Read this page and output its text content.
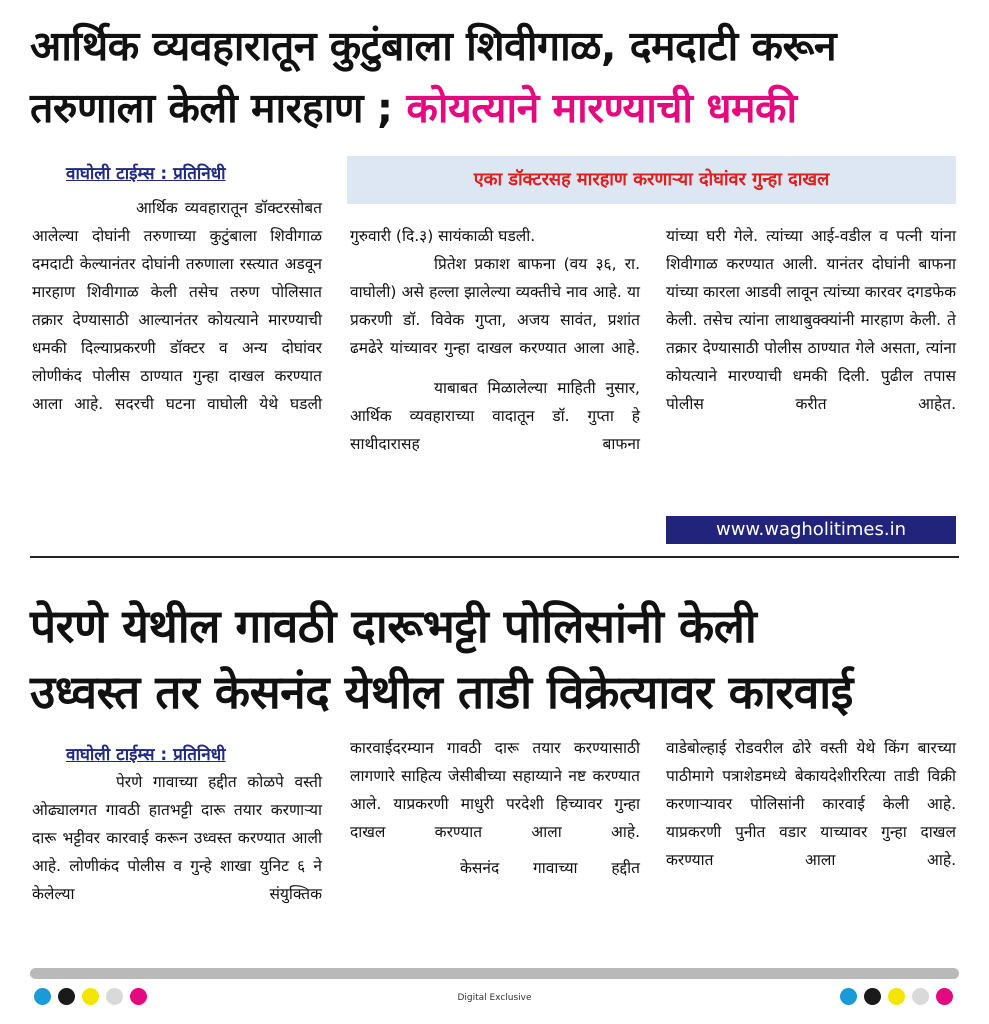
आर्थिक व्यवहारातून कुटुंबाला शिवीगाळ, दमदाटी करून
तरुणाला केली मारहाण ; कोयत्याने मारण्याची धमकी
वाघोली टाईम्स : प्रतिनिधी	एका डॉक्टरसह मारहाण करणाऱ्या दोघांवर गुन्हा दाखल

आर्थिक व्यवहारातून डॉक्टरसोबत आलेल्या दोघांनी तरुणाच्या कुटुंबाला शिवीगाळ दमदाटी केल्यानंतर दोघांनी तरुणाला रस्त्यात अडवून मारहाण शिवीगाळ केली तसेच तरुण पोलिसात तक्रार देण्यासाठी आल्यानंतर कोयत्याने मारण्याची धमकी दिल्याप्रकरणी डॉक्टर व अन्य दोघांवर लोणीकंद पोलीस ठाण्यात गुन्हा दाखल करण्यात आला आहे. सदरची घटना वाघोली येथे घडली

गुरुवारी (दि.३) सायंकाळी घडली.

प्रितेश प्रकाश बाफना (वय ३६, रा. वाघोली) असे हल्ला झालेल्या व्यक्तीचे नाव आहे. या प्रकरणी डॉ. विवेक गुप्ता, अजय सावंत, प्रशांत ढमढेरे यांच्यावर गुन्हा दाखल करण्यात आला आहे.

याबाबत मिळालेल्या माहिती नुसार, आर्थिक व्यवहाराच्या वादातून डॉ. गुप्ता हे साथीदारासह बाफना

यांच्या घरी गेले. त्यांच्या आई-वडील व पत्नी यांना शिवीगाळ करण्यात आली. यानंतर दोघांनी बाफना यांच्या कारला आडवी लावून त्यांच्या कारवर दगडफेक केली. तसेच त्यांना लाथाबुक्क्यांनी मारहाण केली. ते तक्रार देण्यासाठी पोलीस ठाण्यात गेले असता, त्यांना कोयत्याने मारण्याची धमकी दिली. पुढील तपास पोलीस करीत आहेत.

www.wagholitimes.in
पेरणे येथील गावठी दारूभट्टी पोलिसांनी केली
उध्वस्त तर केसनंद येथील ताडी विक्रेत्यावर कारवाई
वाघोली टाईम्स : प्रतिनिधी

पेरणे गावाच्या हद्दीत कोळपे वस्ती ओढ्यालगत गावठी हातभट्टी दारू तयार करणाऱ्या दारू भट्टीवर कारवाई करून उध्वस्त करण्यात आली आहे. लोणीकंद पोलीस व गुन्हे शाखा युनिट ६ ने केलेल्या संयुक्तिक

कारवाईदरम्यान गावठी दारू तयार करण्यासाठी लागणारे साहित्य जेसीबीच्या सहाय्याने नष्ट करण्यात आले. याप्रकरणी माधुरी परदेशी हिच्यावर गुन्हा दाखल करण्यात आला आहे.

केसनंद गावाच्या हद्दीत

वाडेबोल्हाई रोडवरील ढोरे वस्ती येथे किंग बारच्या पाठीमागे पत्राशेडमध्ये बेकायदेशीररित्या ताडी विक्री करणाऱ्यावर पोलिसांनी कारवाई केली आहे. याप्रकरणी पुनीत वडार याच्यावर गुन्हा दाखल करण्यात आला आहे.

Digital Exclusive
